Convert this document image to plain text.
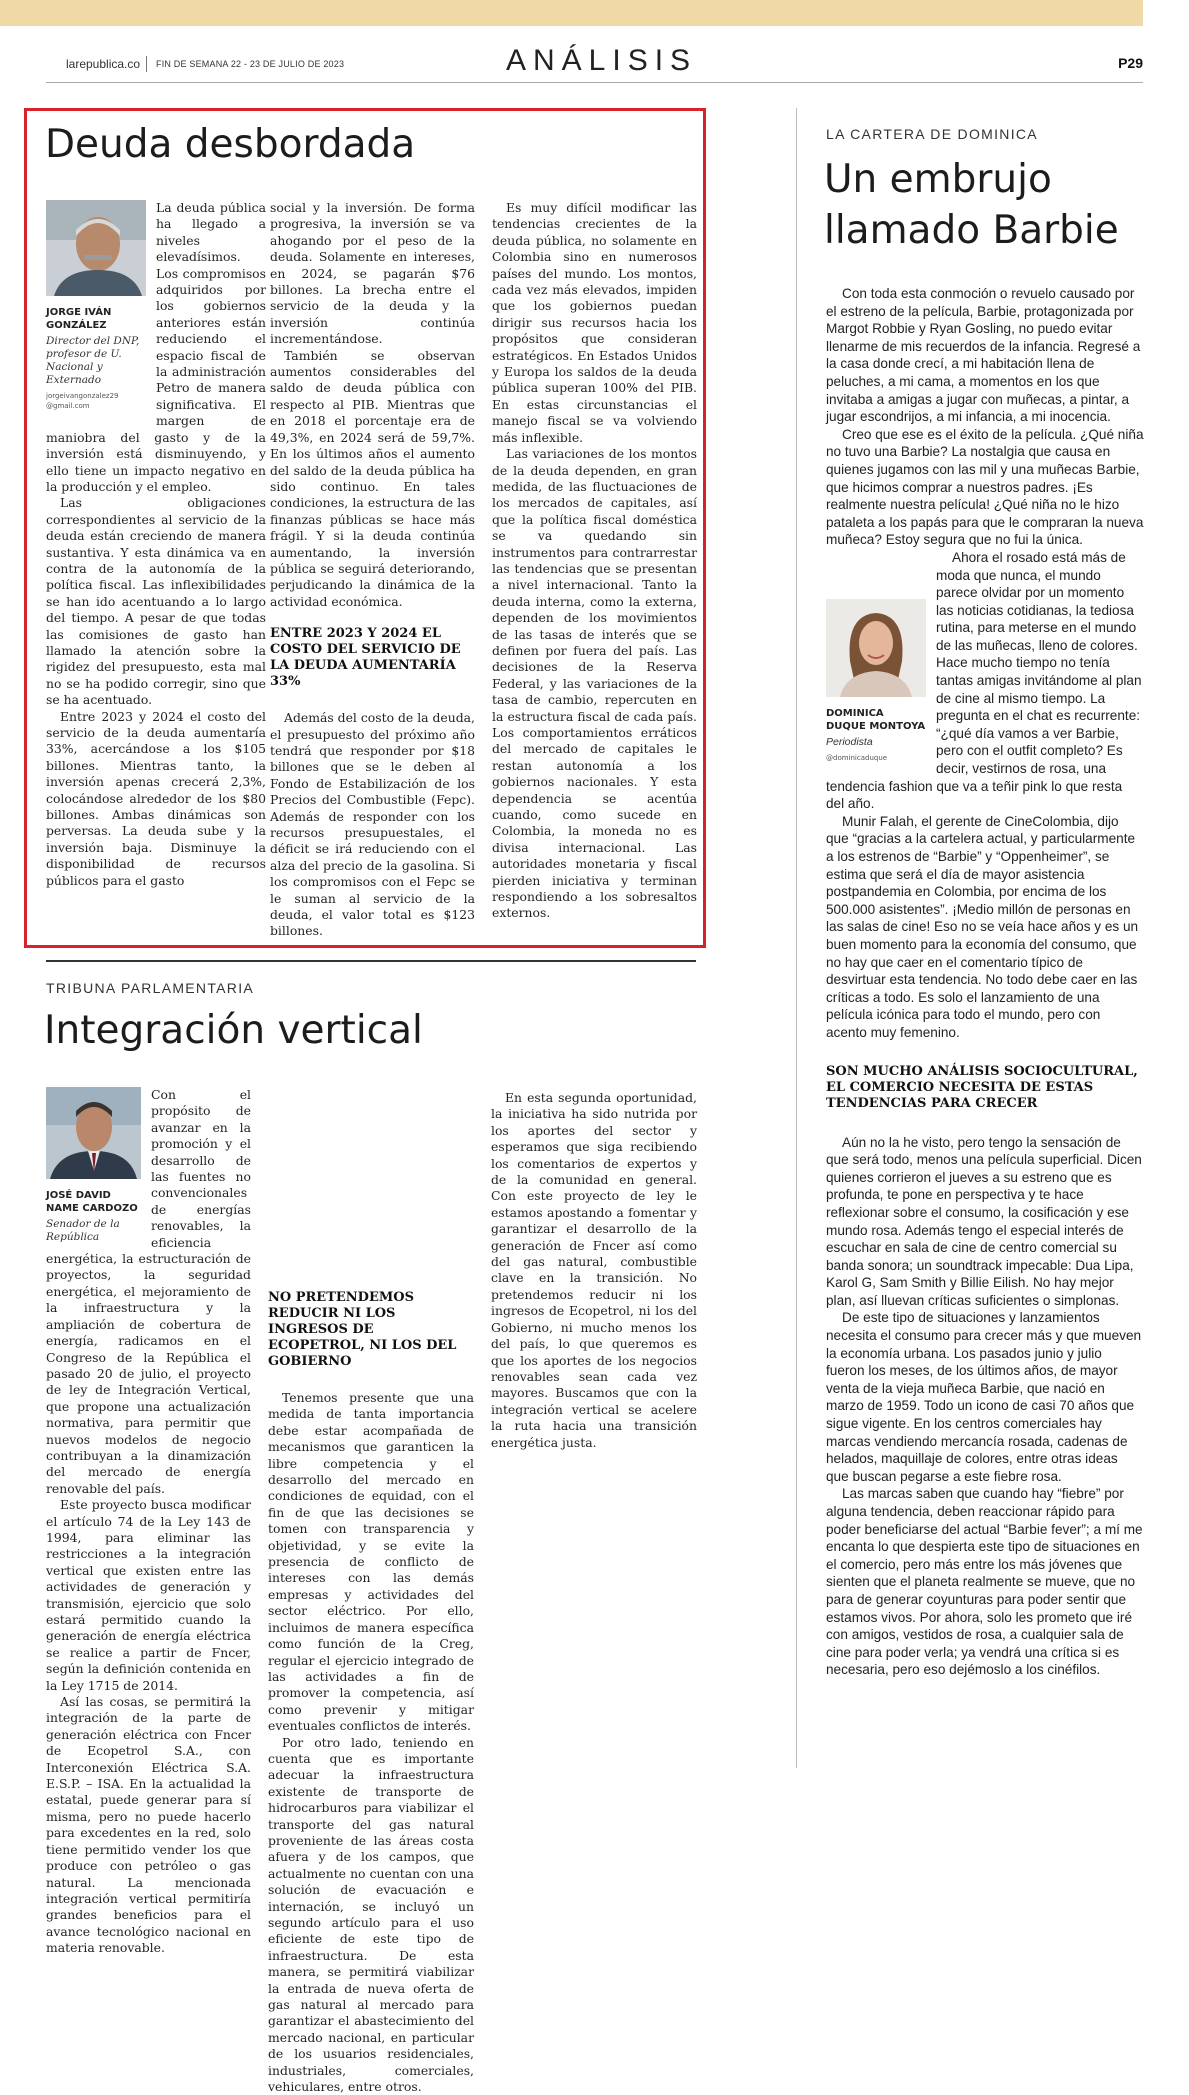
larepublica.co FIN DE SEMANA 22 - 23 DE JULIO DE 2023	ANÁLISIS	P29
Deuda desbordada
JORGE IVÁN GONZÁLEZ
Director del DNP, profesor de U. Nacional y Externado
jorgeivangonzalez29 @gmail.com

La deuda pública ha llegado a niveles elevadísimos. Los compromisos adquiridos por los gobiernos anteriores están reduciendo el espacio fiscal de la administración Petro de manera significativa. El margen de maniobra del gasto y de la inversión está disminuyendo, y ello tiene un impacto negativo en la producción y el empleo.

Las obligaciones correspondientes al servicio de la deuda están creciendo de manera sustantiva. Y esta dinámica va en contra de la autonomía de la política fiscal. Las inflexibilidades se han ido acentuando a lo largo del tiempo. A pesar de que todas las comisiones de gasto han llamado la atención sobre la rigidez del presupuesto, esta mal no se ha podido corregir, sino que se ha acentuado.

Entre 2023 y 2024 el costo del servicio de la deuda aumentaría 33%, acercándose a los $105 billones. Mientras tanto, la inversión apenas crecerá 2,3%, colocándose alrededor de los $80 billones. Ambas dinámicas son perversas. La deuda sube y la inversión baja. Disminuye la disponibilidad de recursos públicos para el gasto

social y la inversión. De forma progresiva, la inversión se va ahogando por el peso de la deuda. Solamente en intereses, en 2024, se pagarán $76 billones. La brecha entre el servicio de la deuda y la inversión continúa incrementándose.

También se observan aumentos considerables del saldo de deuda pública con respecto al PIB. Mientras que en 2018 el porcentaje era de 49,3%, en 2024 será de 59,7%. En los últimos años el aumento del saldo de la deuda pública ha sido continuo. En tales condiciones, la estructura de las finanzas públicas se hace más frágil. Y si la deuda continúa aumentando, la inversión pública se seguirá deteriorando, perjudicando la dinámica de la actividad económica.

ENTRE 2023 Y 2024 EL COSTO DEL SERVICIO DE LA DEUDA AUMENTARÍA 33%

Además del costo de la deuda, el presupuesto del próximo año tendrá que responder por $18 billones que se le deben al Fondo de Estabilización de los Precios del Combustible (Fepc). Además de responder con los recursos presupuestales, el déficit se irá reduciendo con el alza del precio de la gasolina. Si los compromisos con el Fepc se le suman al servicio de la deuda, el valor total es $123 billones.

Es muy difícil modificar las tendencias crecientes de la deuda pública, no solamente en Colombia sino en numerosos países del mundo. Los montos, cada vez más elevados, impiden que los gobiernos puedan dirigir sus recursos hacia los propósitos que consideran estratégicos. En Estados Unidos y Europa los saldos de la deuda pública superan 100% del PIB. En estas circunstancias el manejo fiscal se va volviendo más inflexible.

Las variaciones de los montos de la deuda dependen, en gran medida, de las fluctuaciones de los mercados de capitales, así que la política fiscal doméstica se va quedando sin instrumentos para contrarrestar las tendencias que se presentan a nivel internacional. Tanto la deuda interna, como la externa, dependen de los movimientos de las tasas de interés que se definen por fuera del país. Las decisiones de la Reserva Federal, y las variaciones de la tasa de cambio, repercuten en la estructura fiscal de cada país. Los comportamientos erráticos del mercado de capitales le restan autonomía a los gobiernos nacionales. Y esta dependencia se acentúa cuando, como sucede en Colombia, la moneda no es divisa internacional. Las autoridades monetaria y fiscal pierden iniciativa y terminan respondiendo a los sobresaltos externos.

TRIBUNA PARLAMENTARIA
Integración vertical
JOSÉ DAVID NAME CARDOZO
Senador de la República

Con el propósito de avanzar en la promoción y el desarrollo de las fuentes no convencionales de energías renovables, la eficiencia energética, la estructuración de proyectos, la seguridad energética, el mejoramiento de la infraestructura y la ampliación de cobertura de energía, radicamos en el Congreso de la República el pasado 20 de julio, el proyecto de ley de Integración Vertical, que propone una actualización normativa, para permitir que nuevos modelos de negocio contribuyan a la dinamización del mercado de energía renovable del país.

Este proyecto busca modificar el artículo 74 de la Ley 143 de 1994, para eliminar las restricciones a la integración vertical que existen entre las actividades de generación y transmisión, ejercicio que solo estará permitido cuando la generación de energía eléctrica se realice a partir de Fncer, según la definición contenida en la Ley 1715 de 2014.

Así las cosas, se permitirá la integración de la parte de generación eléctrica con Fncer de Ecopetrol S.A., con Interconexión Eléctrica S.A. E.S.P. – ISA. En la actualidad la estatal, puede generar para sí misma, pero no puede hacerlo para excedentes en la red, solo tiene permitido vender los que produce con petróleo o gas natural. La mencionada integración vertical permitiría grandes beneficios para el avance tecnológico nacional en materia renovable.

NO PRETENDEMOS REDUCIR NI LOS INGRESOS DE ECOPETROL, NI LOS DEL GOBIERNO

Tenemos presente que una medida de tanta importancia debe estar acompañada de mecanismos que garanticen la libre competencia y el desarrollo del mercado en condiciones de equidad, con el fin de que las decisiones se tomen con transparencia y objetividad, y se evite la presencia de conflicto de intereses con las demás empresas y actividades del sector eléctrico. Por ello, incluimos de manera específica como función de la Creg, regular el ejercicio integrado de las actividades a fin de promover la competencia, así como prevenir y mitigar eventuales conflictos de interés.

Por otro lado, teniendo en cuenta que es importante adecuar la infraestructura existente de transporte de hidrocarburos para viabilizar el transporte del gas natural proveniente de las áreas costa afuera y de los campos, que actualmente no cuentan con una solución de evacuación e internación, se incluyó un segundo artículo para el uso eficiente de este tipo de infraestructura. De esta manera, se permitirá viabilizar la entrada de nueva oferta de gas natural al mercado para garantizar el abastecimiento del mercado nacional, en particular de los usuarios residenciales, industriales, comerciales, vehiculares, entre otros.

En esta segunda oportunidad, la iniciativa ha sido nutrida por los aportes del sector y esperamos que siga recibiendo los comentarios de expertos y de la comunidad en general. Con este proyecto de ley le estamos apostando a fomentar y garantizar el desarrollo de la generación de Fncer así como del gas natural, combustible clave en la transición. No pretendemos reducir ni los ingresos de Ecopetrol, ni los del Gobierno, ni mucho menos los del país, lo que queremos es que los aportes de los negocios renovables sean cada vez mayores. Buscamos que con la integración vertical se acelere la ruta hacia una transición energética justa.

LA CARTERA DE DOMINICA
Un embrujo
llamado Barbie

Con toda esta conmoción o revuelo causado por el estreno de la película, Barbie, protagonizada por Margot Robbie y Ryan Gosling, no puedo evitar llenarme de mis recuerdos de la infancia. Regresé a la casa donde crecí, a mi habitación llena de peluches, a mi cama, a momentos en los que invitaba a amigas a jugar con muñecas, a pintar, a jugar escondrijos, a mi infancia, a mi inocencia.

Creo que ese es el éxito de la película. ¿Qué niña no tuvo una Barbie? La nostalgia que causa en quienes jugamos con las mil y una muñecas Barbie, que hicimos comprar a nuestros padres. ¡Es realmente nuestra película! ¿Qué niña no le hizo pataleta a los papás para que le compraran la nueva muñeca? Estoy segura que no fui la única.

DOMINICA DUQUE MONTOYA
Periodista
@dominicaduque

Ahora el rosado está más de moda que nunca, el mundo parece olvidar por un momento las noticias cotidianas, la tediosa rutina, para meterse en el mundo de las muñecas, lleno de colores. Hace mucho tiempo no tenía tantas amigas invitándome al plan de cine al mismo tiempo. La pregunta en el chat es recurrente: “¿qué día vamos a ver Barbie, pero con el outfit completo? Es decir, vestirnos de rosa, una tendencia fashion que va a teñir pink lo que resta del año.

Munir Falah, el gerente de CineColombia, dijo que “gracias a la cartelera actual, y particularmente a los estrenos de “Barbie” y “Oppenheimer”, se estima que será el día de mayor asistencia postpandemia en Colombia, por encima de los 500.000 asistentes”. ¡Medio millón de personas en las salas de cine! Eso no se veía hace años y es un buen momento para la economía del consumo, que no hay que caer en el comentario típico de desvirtuar esta tendencia. No todo debe caer en las críticas a todo. Es solo el lanzamiento de una película icónica para todo el mundo, pero con acento muy femenino.

SON MUCHO ANÁLISIS SOCIOCULTURAL, EL COMERCIO NECESITA DE ESTAS TENDENCIAS PARA CRECER

Aún no la he visto, pero tengo la sensación de que será todo, menos una película superficial. Dicen quienes corrieron el jueves a su estreno que es profunda, te pone en perspectiva y te hace reflexionar sobre el consumo, la cosificación y ese mundo rosa. Además tengo el especial interés de escuchar en sala de cine de centro comercial su banda sonora; un soundtrack impecable: Dua Lipa, Karol G, Sam Smith y Billie Eilish. No hay mejor plan, así lluevan críticas suficientes o simplonas.

De este tipo de situaciones y lanzamientos necesita el consumo para crecer más y que mueven la economía urbana. Los pasados junio y julio fueron los meses, de los últimos años, de mayor venta de la vieja muñeca Barbie, que nació en marzo de 1959. Todo un icono de casi 70 años que sigue vigente. En los centros comerciales hay marcas vendiendo mercancía rosada, cadenas de helados, maquillaje de colores, entre otras ideas que buscan pegarse a este fiebre rosa.

Las marcas saben que cuando hay “fiebre” por alguna tendencia, deben reaccionar rápido para poder beneficiarse del actual “Barbie fever”; a mí me encanta lo que despierta este tipo de situaciones en el comercio, pero más entre los más jóvenes que sienten que el planeta realmente se mueve, que no para de generar coyunturas para poder sentir que estamos vivos. Por ahora, solo les prometo que iré con amigos, vestidos de rosa, a cualquier sala de cine para poder verla; ya vendrá una crítica si es necesaria, pero eso dejémoslo a los cinéfilos.
